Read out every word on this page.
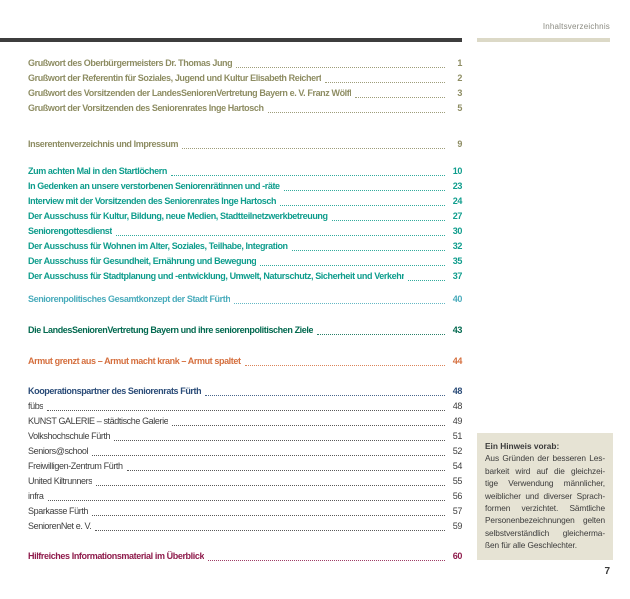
Inhaltsverzeichnis
Grußwort des Oberbürgermeisters Dr. Thomas Jung	1
Grußwort der Referentin für Soziales, Jugend und Kultur Elisabeth Reichert	2
Grußwort des Vorsitzenden der LandesSeniorenVertretung Bayern e. V. Franz Wölfl	3
Grußwort der Vorsitzenden des Seniorenrates Inge Hartosch	5
Inserentenverzeichnis und Impressum	9
Zum achten Mal in den Startlöchern	10
In Gedenken an unsere verstorbenen Seniorenrätinnen und -räte	23
Interview mit der Vorsitzenden des Seniorenrates Inge Hartosch	24
Der Ausschuss für Kultur, Bildung, neue Medien, Stadtteilnetzwerkbetreuung	27
Seniorengottesdienst	30
Der Ausschuss für Wohnen im Alter, Soziales, Teilhabe, Integration	32
Der Ausschuss für Gesundheit, Ernährung und Bewegung	35
Der Ausschuss für Stadtplanung und -entwicklung, Umwelt, Naturschutz, Sicherheit und Verkehr	37
Seniorenpolitisches Gesamtkonzept der Stadt Fürth	40
Die LandesSeniorenVertretung Bayern und ihre seniorenpolitischen Ziele	43
Armut grenzt aus – Armut macht krank – Armut spaltet	44
Kooperationspartner des Seniorenrats Fürth	48
fübs	48
KUNST GALERIE – städtische Galerie	49
Volkshochschule Fürth	51
Seniors@school	52
Freiwilligen-Zentrum Fürth	54
United Kiltrunners	55
infra	56
Sparkasse Fürth	57
SeniorenNet e. V.	59
Hilfreiches Informationsmaterial im Überblick	60
Ein Hinweis vorab:
Aus Gründen der besseren Les-
barkeit wird auf die gleichzei-
tige Verwendung männlicher,
weiblicher und diverser Sprach-
formen verzichtet. Sämtliche
Personenbezeichnungen gelten
selbstverständlich gleicherma-
ßen für alle Geschlechter.
7
